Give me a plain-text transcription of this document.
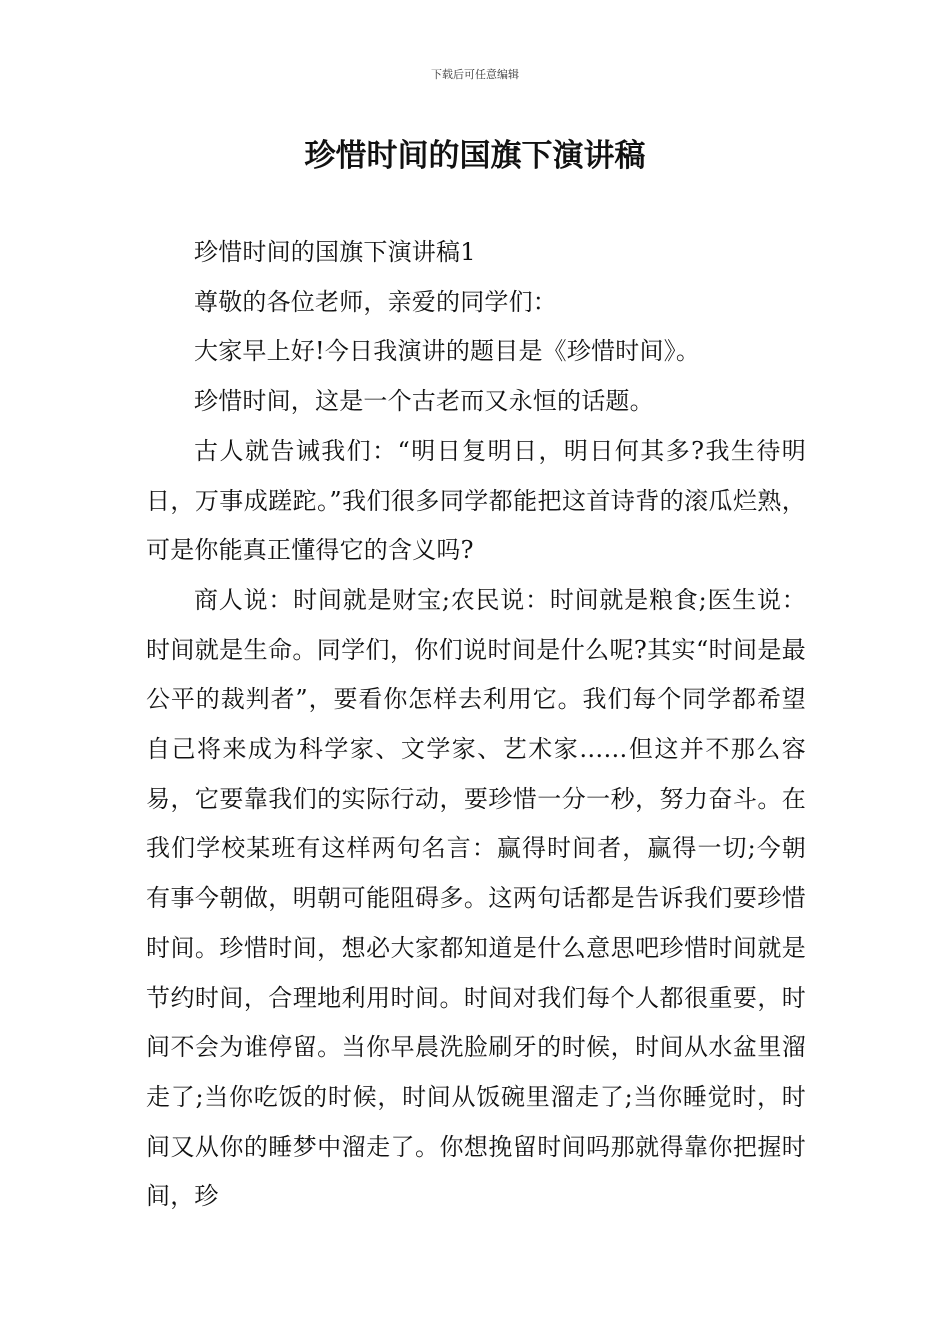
下载后可任意编辑
珍惜时间的国旗下演讲稿

珍惜时间的国旗下演讲稿1

尊敬的各位老师，亲爱的同学们：

大家早上好!今日我演讲的题目是《珍惜时间》。

珍惜时间，这是一个古老而又永恒的话题。

古人就告诫我们：“明日复明日，明日何其多?我生待明日，万事成蹉跎。”我们很多同学都能把这首诗背的滚瓜烂熟，可是你能真正懂得它的含义吗?

商人说：时间就是财宝;农民说：时间就是粮食;医生说：时间就是生命。同学们，你们说时间是什么呢?其实“时间是最公平的裁判者”，要看你怎样去利用它。我们每个同学都希望自己将来成为科学家、文学家、艺术家……但这并不那么容易，它要靠我们的实际行动，要珍惜一分一秒，努力奋斗。在我们学校某班有这样两句名言：赢得时间者，赢得一切;今朝有事今朝做，明朝可能阻碍多。这两句话都是告诉我们要珍惜时间。珍惜时间，想必大家都知道是什么意思吧珍惜时间就是节约时间，合理地利用时间。时间对我们每个人都很重要，时间不会为谁停留。当你早晨洗脸刷牙的时候，时间从水盆里溜走了;当你吃饭的时候，时间从饭碗里溜走了;当你睡觉时，时间又从你的睡梦中溜走了。你想挽留时间吗那就得靠你把握时间，珍
